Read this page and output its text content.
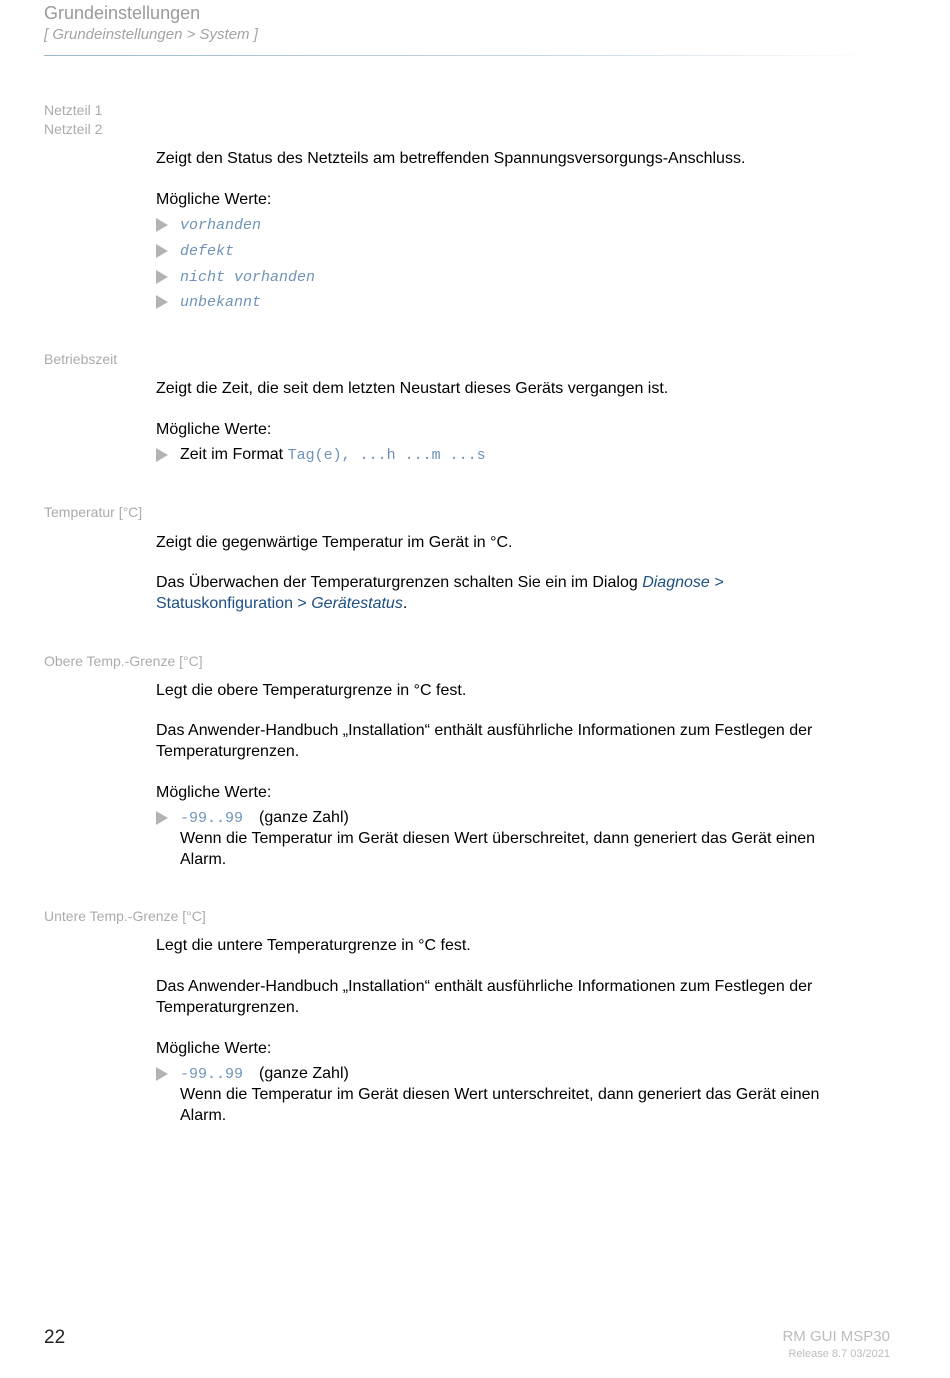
Grundeinstellungen
[ Grundeinstellungen > System ]
Netzteil 1
Netzteil 2
Zeigt den Status des Netzteils am betreffenden Spannungsversorgungs-Anschluss.
Mögliche Werte:
vorhanden
defekt
nicht vorhanden
unbekannt
Betriebszeit
Zeigt die Zeit, die seit dem letzten Neustart dieses Geräts vergangen ist.
Mögliche Werte:
Zeit im Format
Tag(e), ...h ...m ...s
Temperatur [°C]
Zeigt die gegenwärtige Temperatur im Gerät in °C.
Das Überwachen der Temperaturgrenzen schalten Sie ein im Dialog Diagnose >
Statuskonfiguration > Gerätestatus.
Obere Temp.-Grenze [°C]
Legt die obere Temperaturgrenze in °C fest.
Das Anwender-Handbuch „Installation“ enthält ausführliche Informationen zum Festlegen der
Temperaturgrenzen.
Mögliche Werte:
-99..99 (ganze Zahl)
Wenn die Temperatur im Gerät diesen Wert überschreitet, dann generiert das Gerät einen
Alarm.
Untere Temp.-Grenze [°C]
Legt die untere Temperaturgrenze in °C fest.
Das Anwender-Handbuch „Installation“ enthält ausführliche Informationen zum Festlegen der
Temperaturgrenzen.
Mögliche Werte:
-99..99 (ganze Zahl)
Wenn die Temperatur im Gerät diesen Wert unterschreitet, dann generiert das Gerät einen
Alarm.
22	RM GUI MSP30
Release 8.7 03/2021
